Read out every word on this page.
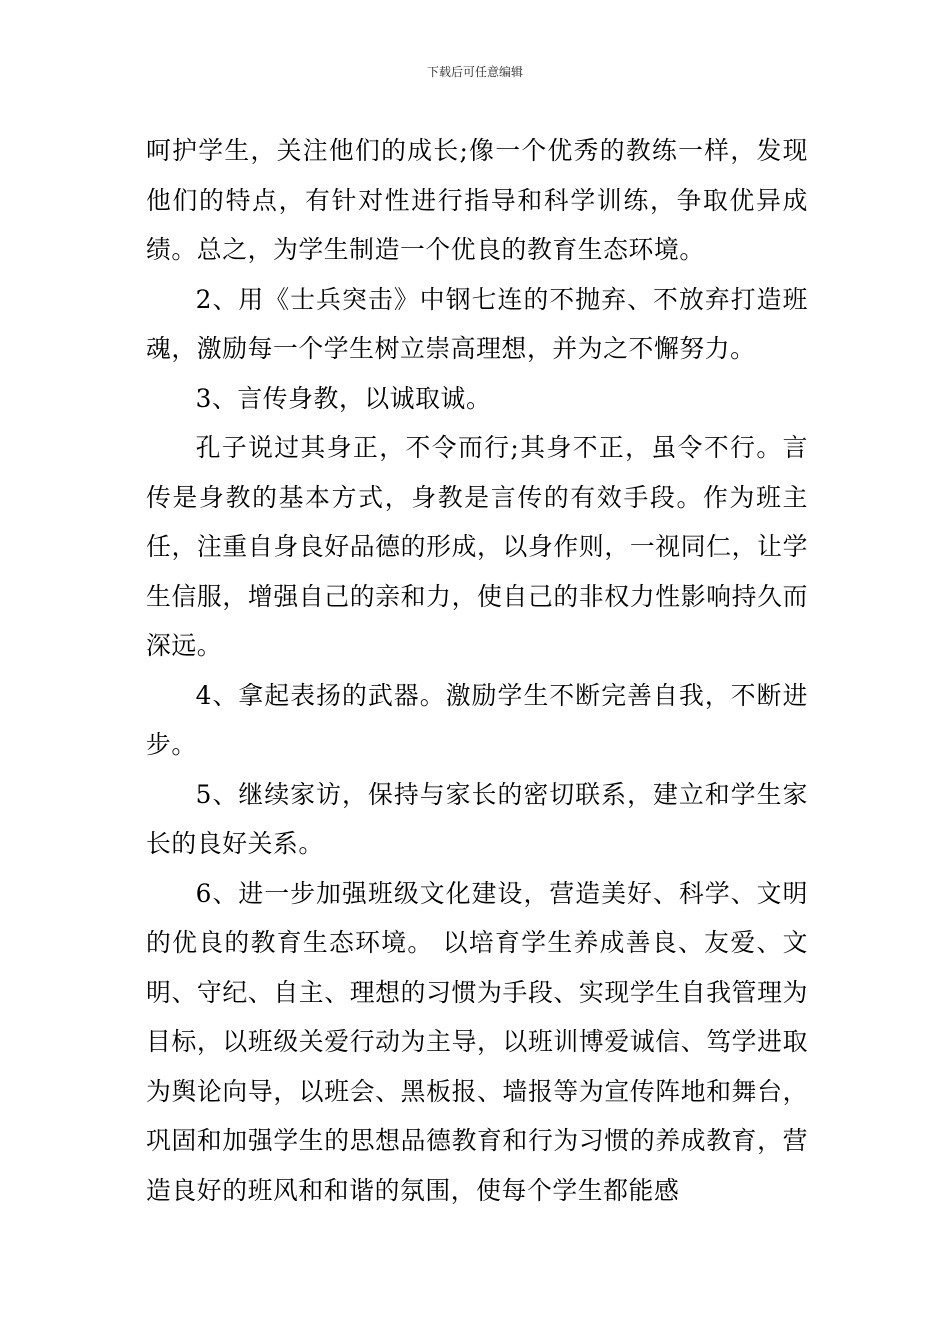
下载后可任意编辑

呵护学生，关注他们的成长;像一个优秀的教练一样，发现他们的特点，有针对性进行指导和科学训练，争取优异成绩。总之，为学生制造一个优良的教育生态环境。

2、用《士兵突击》中钢七连的不抛弃、不放弃打造班魂，激励每一个学生树立崇高理想，并为之不懈努力。

3、言传身教，以诚取诚。

孔子说过其身正，不令而行;其身不正，虽令不行。言传是身教的基本方式，身教是言传的有效手段。作为班主任，注重自身良好品德的形成，以身作则，一视同仁，让学生信服，增强自己的亲和力，使自己的非权力性影响持久而深远。

4、拿起表扬的武器。激励学生不断完善自我，不断进步。

5、继续家访，保持与家长的密切联系，建立和学生家长的良好关系。

6、进一步加强班级文化建设，营造美好、科学、文明的优良的教育生态环境。 以培育学生养成善良、友爱、文明、守纪、自主、理想的习惯为手段、实现学生自我管理为目标，以班级关爱行动为主导，以班训博爱诚信、笃学进取为舆论向导，以班会、黑板报、墙报等为宣传阵地和舞台，巩固和加强学生的思想品德教育和行为习惯的养成教育，营造良好的班风和和谐的氛围，使每个学生都能感
